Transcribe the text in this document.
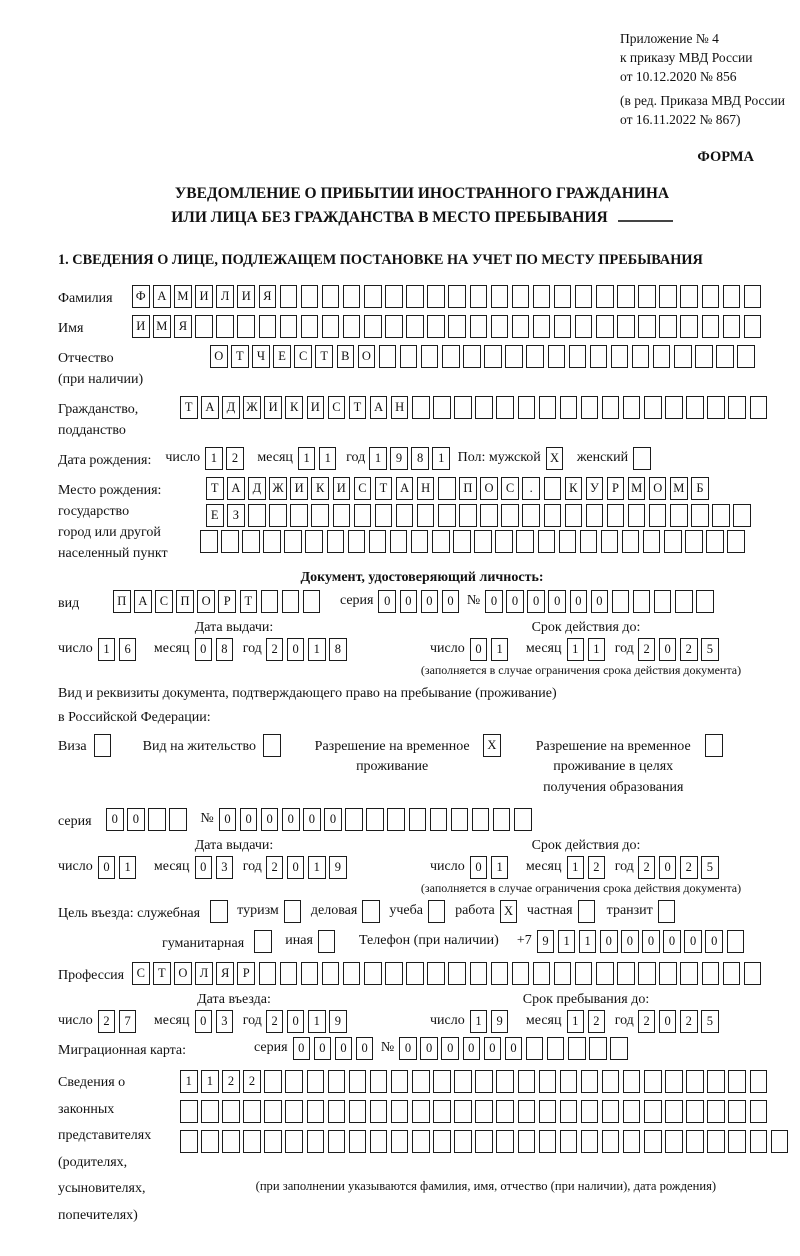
Приложение № 4
к приказу МВД России
от 10.12.2020 № 856
(в ред. Приказа МВД России
от 16.11.2022 № 867)
ФОРМА
УВЕДОМЛЕНИЕ О ПРИБЫТИИ ИНОСТРАННОГО ГРАЖДАНИНА
ИЛИ ЛИЦА БЕЗ ГРАЖДАНСТВА В МЕСТО ПРЕБЫВАНИЯ
1. СВЕДЕНИЯ О ЛИЦЕ, ПОДЛЕЖАЩЕМ ПОСТАНОВКЕ НА УЧЕТ ПО МЕСТУ ПРЕБЫВАНИЯ
Фамилия	Ф А М И Л И Я
Имя	И М Я
Отчество
(при наличии)
О Т Ч Е С Т В О
Гражданство,
подданство
Т А Д Ж И К И С Т А Н
Дата рождения:	число 1 2	месяц 1 1	год 1 9 8 1 Пол: мужской X	женский
Место рождения:
государство
город или другой
населенный пункт
Т А Д Ж И К И С Т А Н	П О С .	К У Р М О М Б
Е З
Документ, удостоверяющий личность:
вид	П А С П О Р Т	серия 0 0 0 0 № 0 0 0 0 0 0
Дата выдачи:
число 1 6	месяц 0 8	год 2 0 1 8
Срок действия до:
число 0 1	месяц 1 1	год 2 0 2 5
(заполняется в случае ограничения срока действия документа)
Вид и реквизиты документа, подтверждающего право на пребывание (проживание)
в Российской Федерации:
Виза	Вид на жительство	Разрешение на временное
проживание
X	Разрешение на временное
проживание в целях
получения образования
серия	0 0	№ 0 0 0 0 0 0
Дата выдачи:
число 0 1	месяц 0 3	год 2 0 1 9
Срок действия до:
число 0 1	месяц 1 2	год 2 0 2 5
(заполняется в случае ограничения срока действия документа)
Цель въезда: служебная	туризм	деловая	учеба	работа X частная	транзит
гуманитарная	иная	Телефон (при наличии)	+7 9 1 1 0 0 0 0 0 0
Профессия С Т О Л Я Р
Дата въезда:
число 2 7	месяц 0 3	год 2 0 1 9
Срок пребывания до:
число 1 9	месяц 1 2	год 2 0 2 5
Миграционная карта:	серия 0 0 0 0 № 0 0 0 0 0 0
Сведения о
законных
представителях
(родителях,
усыновителях,
попечителях)
1 1 2 2
(при заполнении указываются фамилия, имя, отчество (при наличии), дата рождения)
